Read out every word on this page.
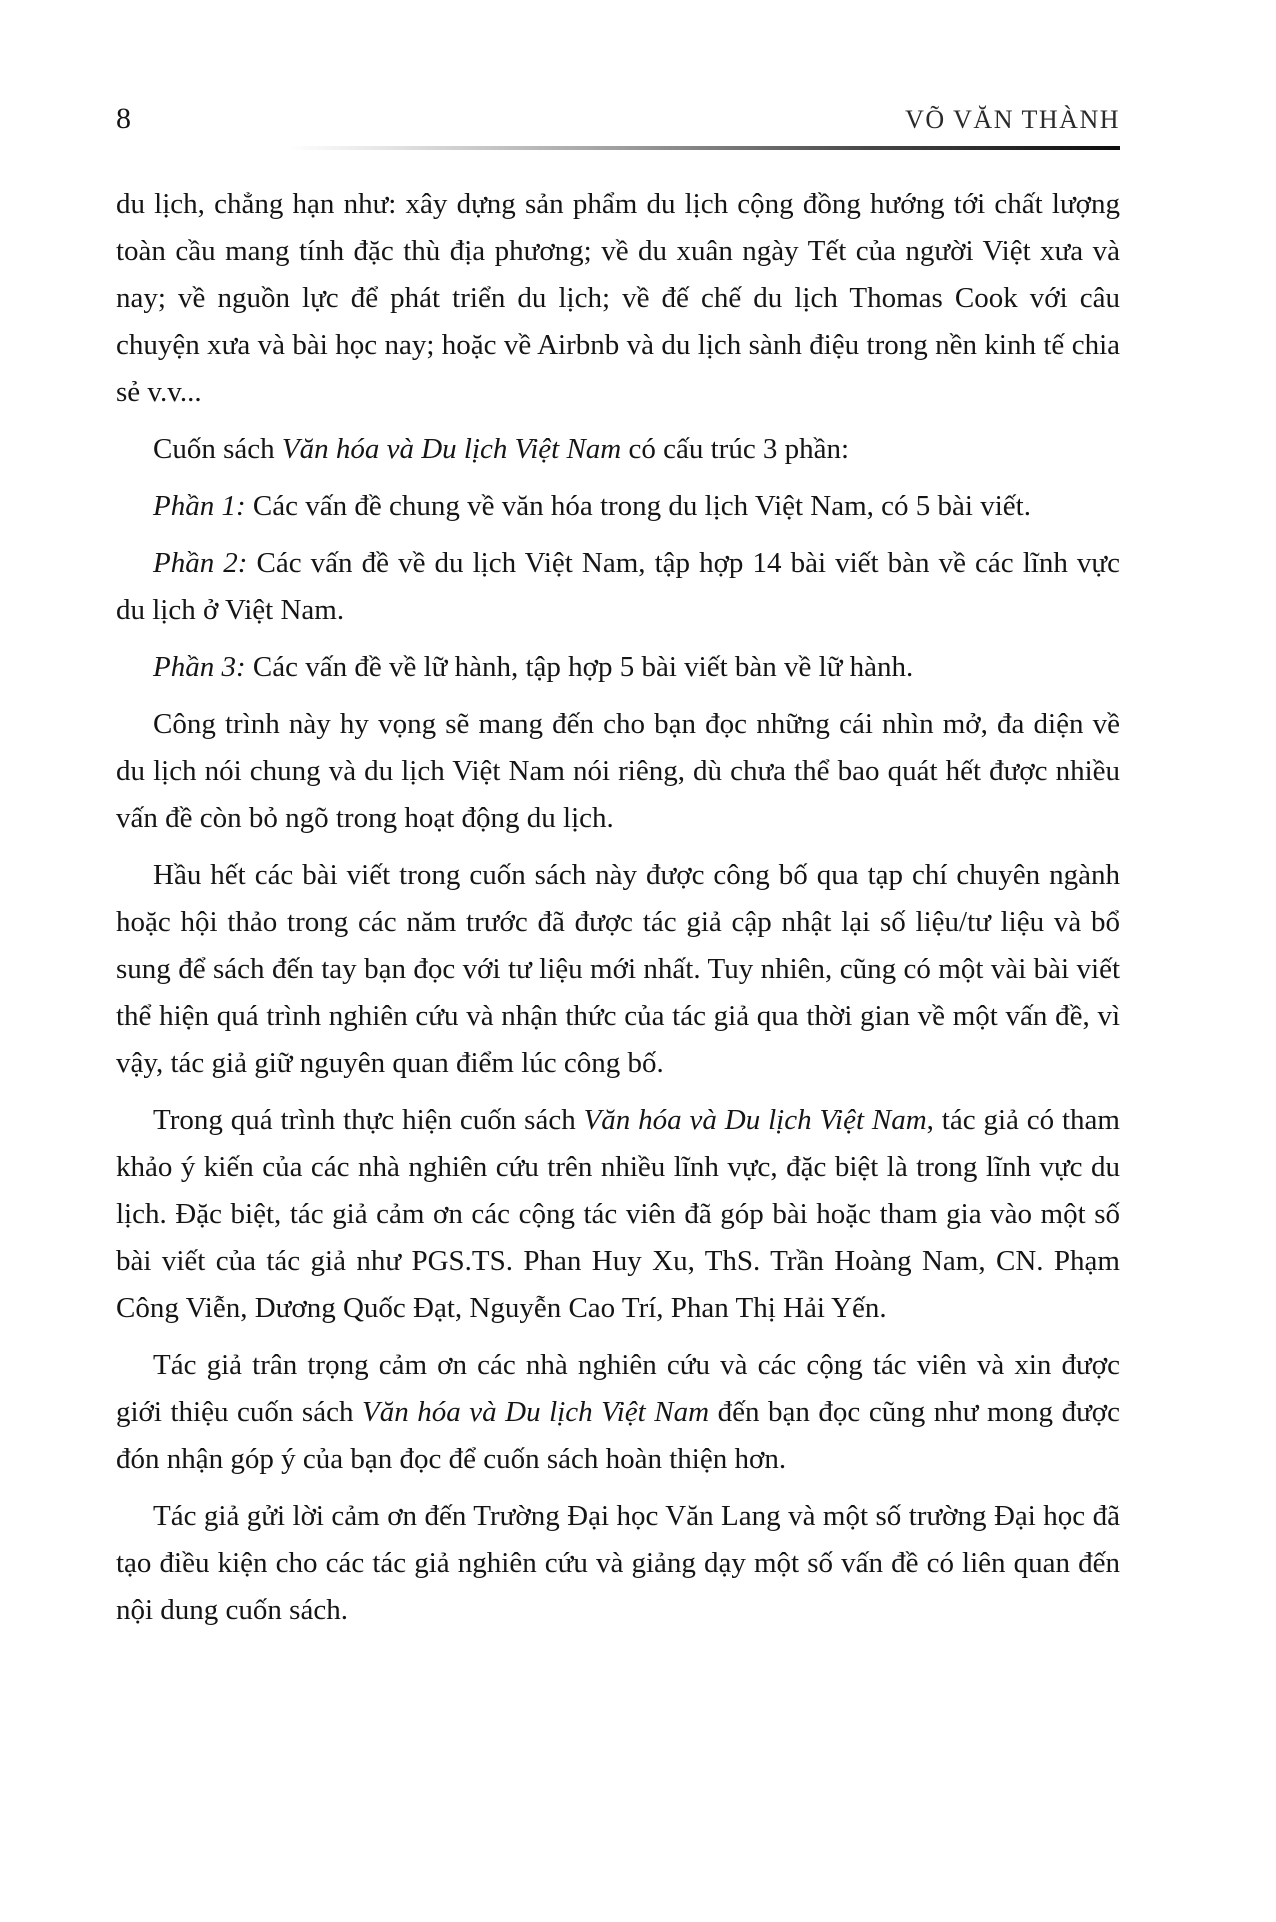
8	VÕ VĂN THÀNH

du lịch, chẳng hạn như: xây dựng sản phẩm du lịch cộng đồng hướng tới chất lượng toàn cầu mang tính đặc thù địa phương; về du xuân ngày Tết của người Việt xưa và nay; về nguồn lực để phát triển du lịch; về đế chế du lịch Thomas Cook với câu chuyện xưa và bài học nay; hoặc về Airbnb và du lịch sành điệu trong nền kinh tế chia sẻ v.v...

Cuốn sách Văn hóa và Du lịch Việt Nam có cấu trúc 3 phần:

Phần 1: Các vấn đề chung về văn hóa trong du lịch Việt Nam, có 5 bài viết.

Phần 2: Các vấn đề về du lịch Việt Nam, tập hợp 14 bài viết bàn về các lĩnh vực du lịch ở Việt Nam.

Phần 3: Các vấn đề về lữ hành, tập hợp 5 bài viết bàn về lữ hành.

Công trình này hy vọng sẽ mang đến cho bạn đọc những cái nhìn mở, đa diện về du lịch nói chung và du lịch Việt Nam nói riêng, dù chưa thể bao quát hết được nhiều vấn đề còn bỏ ngõ trong hoạt động du lịch.

Hầu hết các bài viết trong cuốn sách này được công bố qua tạp chí chuyên ngành hoặc hội thảo trong các năm trước đã được tác giả cập nhật lại số liệu/tư liệu và bổ sung để sách đến tay bạn đọc với tư liệu mới nhất. Tuy nhiên, cũng có một vài bài viết thể hiện quá trình nghiên cứu và nhận thức của tác giả qua thời gian về một vấn đề, vì vậy, tác giả giữ nguyên quan điểm lúc công bố.

Trong quá trình thực hiện cuốn sách Văn hóa và Du lịch Việt Nam, tác giả có tham khảo ý kiến của các nhà nghiên cứu trên nhiều lĩnh vực, đặc biệt là trong lĩnh vực du lịch. Đặc biệt, tác giả cảm ơn các cộng tác viên đã góp bài hoặc tham gia vào một số bài viết của tác giả như PGS.TS. Phan Huy Xu, ThS. Trần Hoàng Nam, CN. Phạm Công Viễn, Dương Quốc Đạt, Nguyễn Cao Trí, Phan Thị Hải Yến.

Tác giả trân trọng cảm ơn các nhà nghiên cứu và các cộng tác viên và xin được giới thiệu cuốn sách Văn hóa và Du lịch Việt Nam đến bạn đọc cũng như mong được đón nhận góp ý của bạn đọc để cuốn sách hoàn thiện hơn.

Tác giả gửi lời cảm ơn đến Trường Đại học Văn Lang và một số trường Đại học đã tạo điều kiện cho các tác giả nghiên cứu và giảng dạy một số vấn đề có liên quan đến nội dung cuốn sách.
